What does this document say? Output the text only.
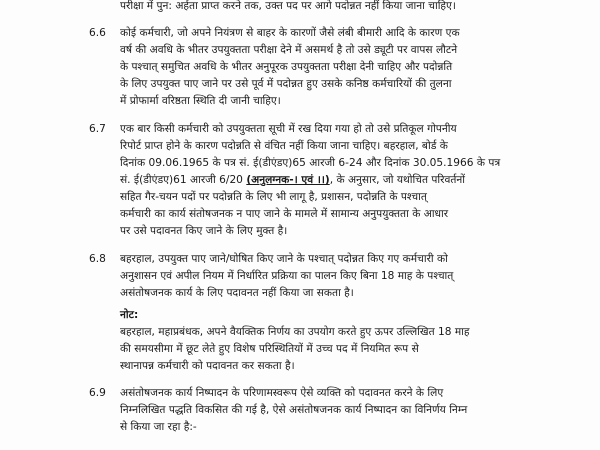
परीक्षा में पुन: अर्हता प्राप्त करने तक, उक्त पद पर आगे पदोन्नत नहीं किया जाना चाहिए।
6.6 कोई कर्मचारी, जो अपने नियंत्रण से बाहर के कारणों जैसे लंबी बीमारी आदि के कारण एक
वर्ष की अवधि के भीतर उपयुक्तता परीक्षा देने में असमर्थ है तो उसे ड्यूटी पर वापस लौटने
के पश्चात् समुचित अवधि के भीतर अनुपूरक उपयुक्तता परीक्षा देनी चाहिए और पदोन्नति
के लिए उपयुक्त पाए जाने पर उसे पूर्व में पदोन्नत हुए उसके कनिष्ठ कर्मचारियों की तुलना
में प्रोफार्मा वरिष्ठता स्थिति दी जानी चाहिए।
6.7 एक बार किसी कर्मचारी को उपयुक्तता सूची में रख दिया गया हो तो उसे प्रतिकूल गोपनीय
रिपोर्ट प्राप्त होने के कारण पदोन्नति से वंचित नहीं किया जाना चाहिए। बहरहाल, बोर्ड के
दिनांक 09.06.1965 के पत्र सं. ई(डीएंडए)65 आरजी 6-24 और दिनांक 30.05.1966 के पत्र
सं. ई(डीएंडए)61 आरजी 6/20 (अनुलग्नक-। एवं ।।), के अनुसार, जो यथोचित परिवर्तनों
सहित गैर-चयन पदों पर पदोन्नति के लिए भी लागू है, प्रशासन, पदोन्नति के पश्चात्
कर्मचारी का कार्य संतोषजनक न पाए जाने के मामले में सामान्य अनुपयुक्तता के आधार
पर उसे पदावनत किए जाने के लिए मुक्त है।
6.8 बहरहाल, उपयुक्त पाए जाने/घोषित किए जाने के पश्चात् पदोन्नत किए गए कर्मचारी को
अनुशासन एवं अपील नियम में निर्धारित प्रक्रिया का पालन किए बिना 18 माह के पश्चात्
असंतोषजनक कार्य के लिए पदावनत नहीं किया जा सकता है।
नोट:
बहरहाल, महाप्रबंधक, अपने वैयक्तिक निर्णय का उपयोग करते हुए ऊपर उल्लिखित 18 माह
की समयसीमा में छूट लेते हुए विशेष परिस्थितियों में उच्च पद में नियमित रूप से
स्थानापन्न कर्मचारी को पदावनत कर सकता है।
6.9 असंतोषजनक कार्य निष्पादन के परिणामस्वरूप ऐसे व्यक्ति को पदावनत करने के लिए
निम्नलिखित पद्धति विकसित की गई है, ऐसे असंतोषजनक कार्य निष्पादन का विनिर्णय निम्न
से किया जा रहा है:-
